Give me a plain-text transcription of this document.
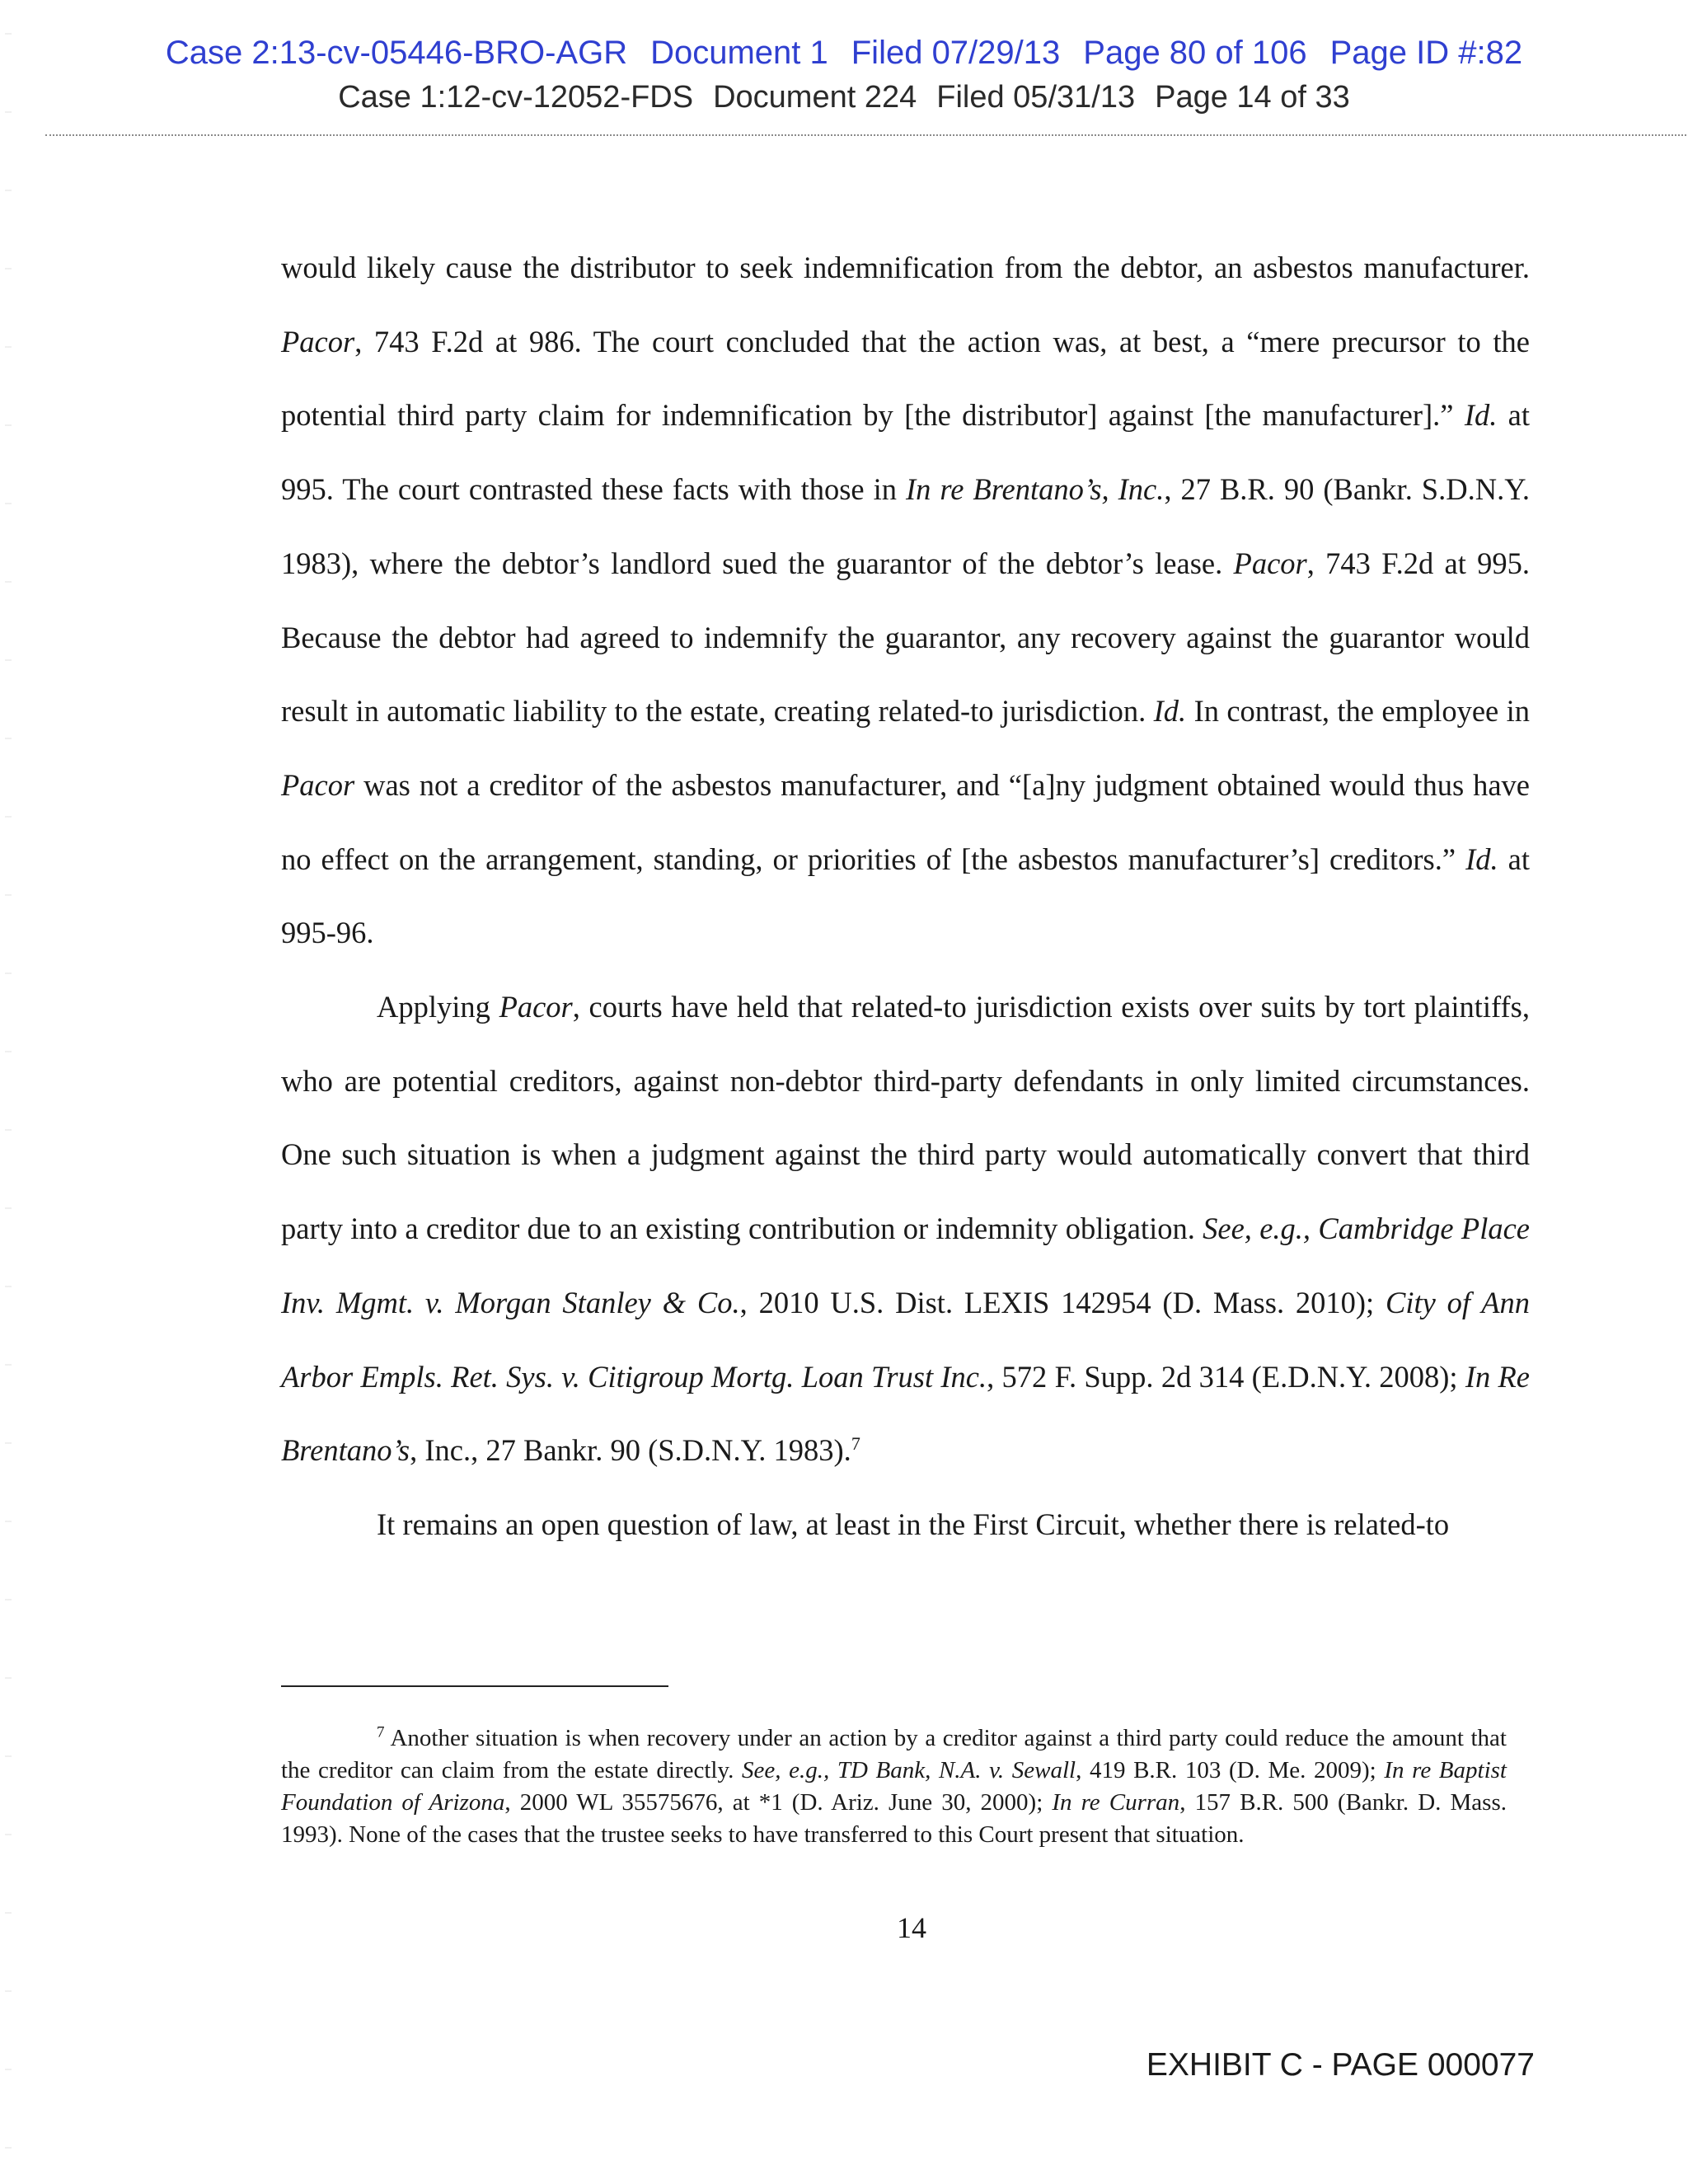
Case 2:13-cv-05446-BRO-AGR Document 1 Filed 07/29/13 Page 80 of 106 Page ID #:82
Case 1:12-cv-12052-FDS Document 224 Filed 05/31/13 Page 14 of 33

would likely cause the distributor to seek indemnification from the debtor, an asbestos manufacturer. Pacor, 743 F.2d at 986. The court concluded that the action was, at best, a “mere precursor to the potential third party claim for indemnification by [the distributor] against [the manufacturer].” Id. at 995. The court contrasted these facts with those in In re Brentano’s, Inc., 27 B.R. 90 (Bankr. S.D.N.Y. 1983), where the debtor’s landlord sued the guarantor of the debtor’s lease. Pacor, 743 F.2d at 995. Because the debtor had agreed to indemnify the guarantor, any recovery against the guarantor would result in automatic liability to the estate, creating related-to jurisdiction. Id. In contrast, the employee in Pacor was not a creditor of the asbestos manufacturer, and “[a]ny judgment obtained would thus have no effect on the arrangement, standing, or priorities of [the asbestos manufacturer’s] creditors.” Id. at 995-96.

Applying Pacor, courts have held that related-to jurisdiction exists over suits by tort plaintiffs, who are potential creditors, against non-debtor third-party defendants in only limited circumstances. One such situation is when a judgment against the third party would automatically convert that third party into a creditor due to an existing contribution or indemnity obligation. See, e.g., Cambridge Place Inv. Mgmt. v. Morgan Stanley & Co., 2010 U.S. Dist. LEXIS 142954 (D. Mass. 2010); City of Ann Arbor Empls. Ret. Sys. v. Citigroup Mortg. Loan Trust Inc., 572 F. Supp. 2d 314 (E.D.N.Y. 2008); In Re Brentano’s, Inc., 27 Bankr. 90 (S.D.N.Y. 1983).$^7$

It remains an open question of law, at least in the First Circuit, whether there is related-to

$^7$ Another situation is when recovery under an action by a creditor against a third party could reduce the amount that the creditor can claim from the estate directly. See, e.g., TD Bank, N.A. v. Sewall, 419 B.R. 103 (D. Me. 2009); In re Baptist Foundation of Arizona, 2000 WL 35575676, at *1 (D. Ariz. June 30, 2000); In re Curran, 157 B.R. 500 (Bankr. D. Mass. 1993). None of the cases that the trustee seeks to have transferred to this Court present that situation.

14
EXHIBIT C - PAGE 000077
